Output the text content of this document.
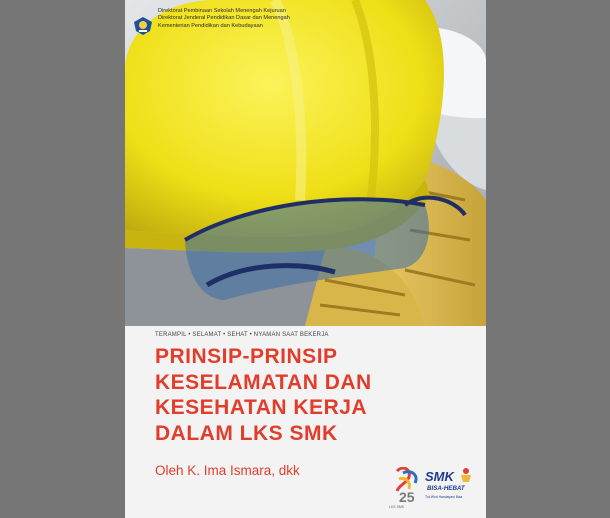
Direktorat Pembinaan Sekolah Menengah Kejuruan
Direktorat Jenderal Pendidikan Dasar dan Menengah
Kementerian Pendidikan dan Kebudayaan
TERAMPIL • SELAMAT • SEHAT • NYAMAN SAAT BEKERJA
PRINSIP-PRINSIP
KESELAMATAN DAN
KESEHATAN KERJA
DALAM LKS SMK
Oleh K. Ima Ismara, dkk
25
LKS SMK
SMK
BISA-HEBAT
Tut Wuri Handayani Bisa
